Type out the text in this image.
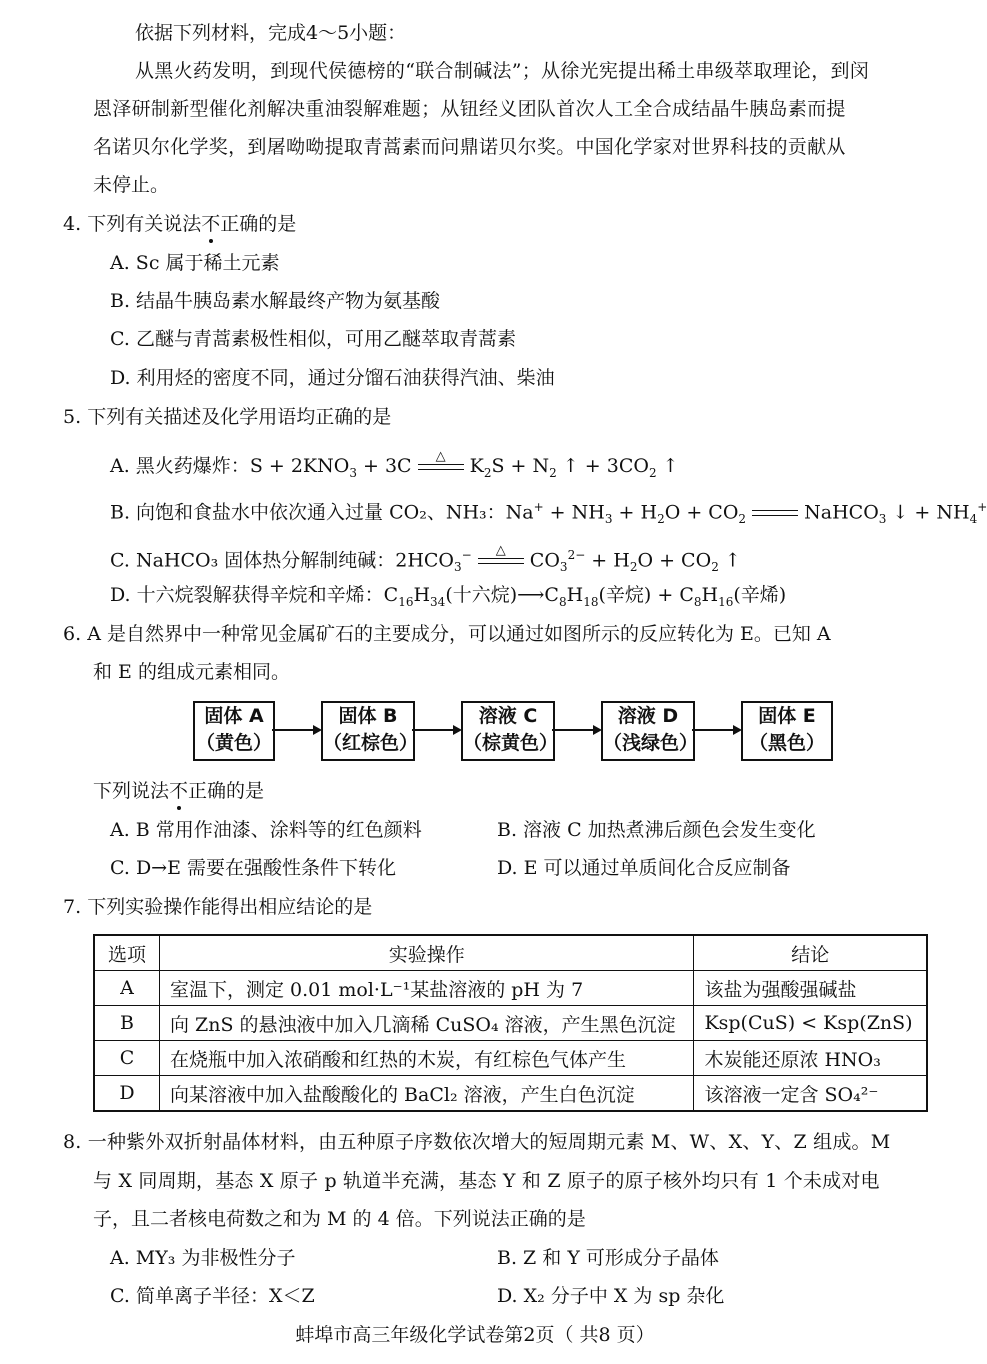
依据下列材料，完成4～5小题：
从黑火药发明，到现代侯德榜的“联合制碱法”；从徐光宪提出稀土串级萃取理论，到闵
恩泽研制新型催化剂解决重油裂解难题；从钮经义团队首次人工全合成结晶牛胰岛素而提
名诺贝尔化学奖，到屠呦呦提取青蒿素而问鼎诺贝尔奖。中国化学家对世界科技的贡献从
未停止。
4. 下列有关说法不正确的是
A. Sc 属于稀土元素
B. 结晶牛胰岛素水解最终产物为氨基酸
C. 乙醚与青蒿素极性相似，可用乙醚萃取青蒿素
D. 利用烃的密度不同，通过分馏石油获得汽油、柴油
5. 下列有关描述及化学用语均正确的是
A. 黑火药爆炸：$S + 2KNO_3 + 3C$	△ $K_2S + N_2$ ↑ + $3CO_2$ ↑
B. 向饱和食盐水中依次通入过量 CO₂、NH₃：$Na^+ + NH_3 + H_2O + CO_2$	NaHCO$_3$ ↓ + $NH_4^+$
C. NaHCO₃ 固体热分解制纯碱：$2HCO_3^-$	△ $CO_3^{2-} + H_2O + CO_2$ ↑
D. 十六烷裂解获得辛烷和辛烯：$C_{16}H_{34}$(十六烷)$⟶C_8H_{18}$(辛烷) + $C_8H_{16}$(辛烯)
6. A 是自然界中一种常见金属矿石的主要成分，可以通过如图所示的反应转化为 E。已知 A
和 E 的组成元素相同。
固体 A
（黄色）
固体 B
（红棕色）
溶液 C
（棕黄色）
溶液 D
（浅绿色）
固体 E
（黑色）
下列说法不正确的是
A. B 常用作油漆、涂料等的红色颜料	B. 溶液 C 加热煮沸后颜色会发生变化
C. D→E 需要在强酸性条件下转化	D. E 可以通过单质间化合反应制备
7. 下列实验操作能得出相应结论的是
选项	实验操作	结论
A	室温下，测定 0.01 mol·L⁻¹某盐溶液的 pH 为 7	该盐为强酸强碱盐
B	向 ZnS 的悬浊液中加入几滴稀 CuSO₄ 溶液，产生黑色沉淀	Ksp(CuS) < Ksp(ZnS)
C	在烧瓶中加入浓硝酸和红热的木炭，有红棕色气体产生	木炭能还原浓 HNO₃
D	向某溶液中加入盐酸酸化的 BaCl₂ 溶液，产生白色沉淀	该溶液一定含 SO₄²⁻
8. 一种紫外双折射晶体材料，由五种原子序数依次增大的短周期元素 M、W、X、Y、Z 组成。M
与 X 同周期，基态 X 原子 p 轨道半充满，基态 Y 和 Z 原子的原子核外均只有 1 个未成对电
子，且二者核电荷数之和为 M 的 4 倍。下列说法正确的是
A. MY₃ 为非极性分子	B. Z 和 Y 可形成分子晶体
C. 简单离子半径：X＜Z	D. X₂ 分子中 X 为 sp 杂化
蚌埠市高三年级化学试卷第2页（ 共8 页）
